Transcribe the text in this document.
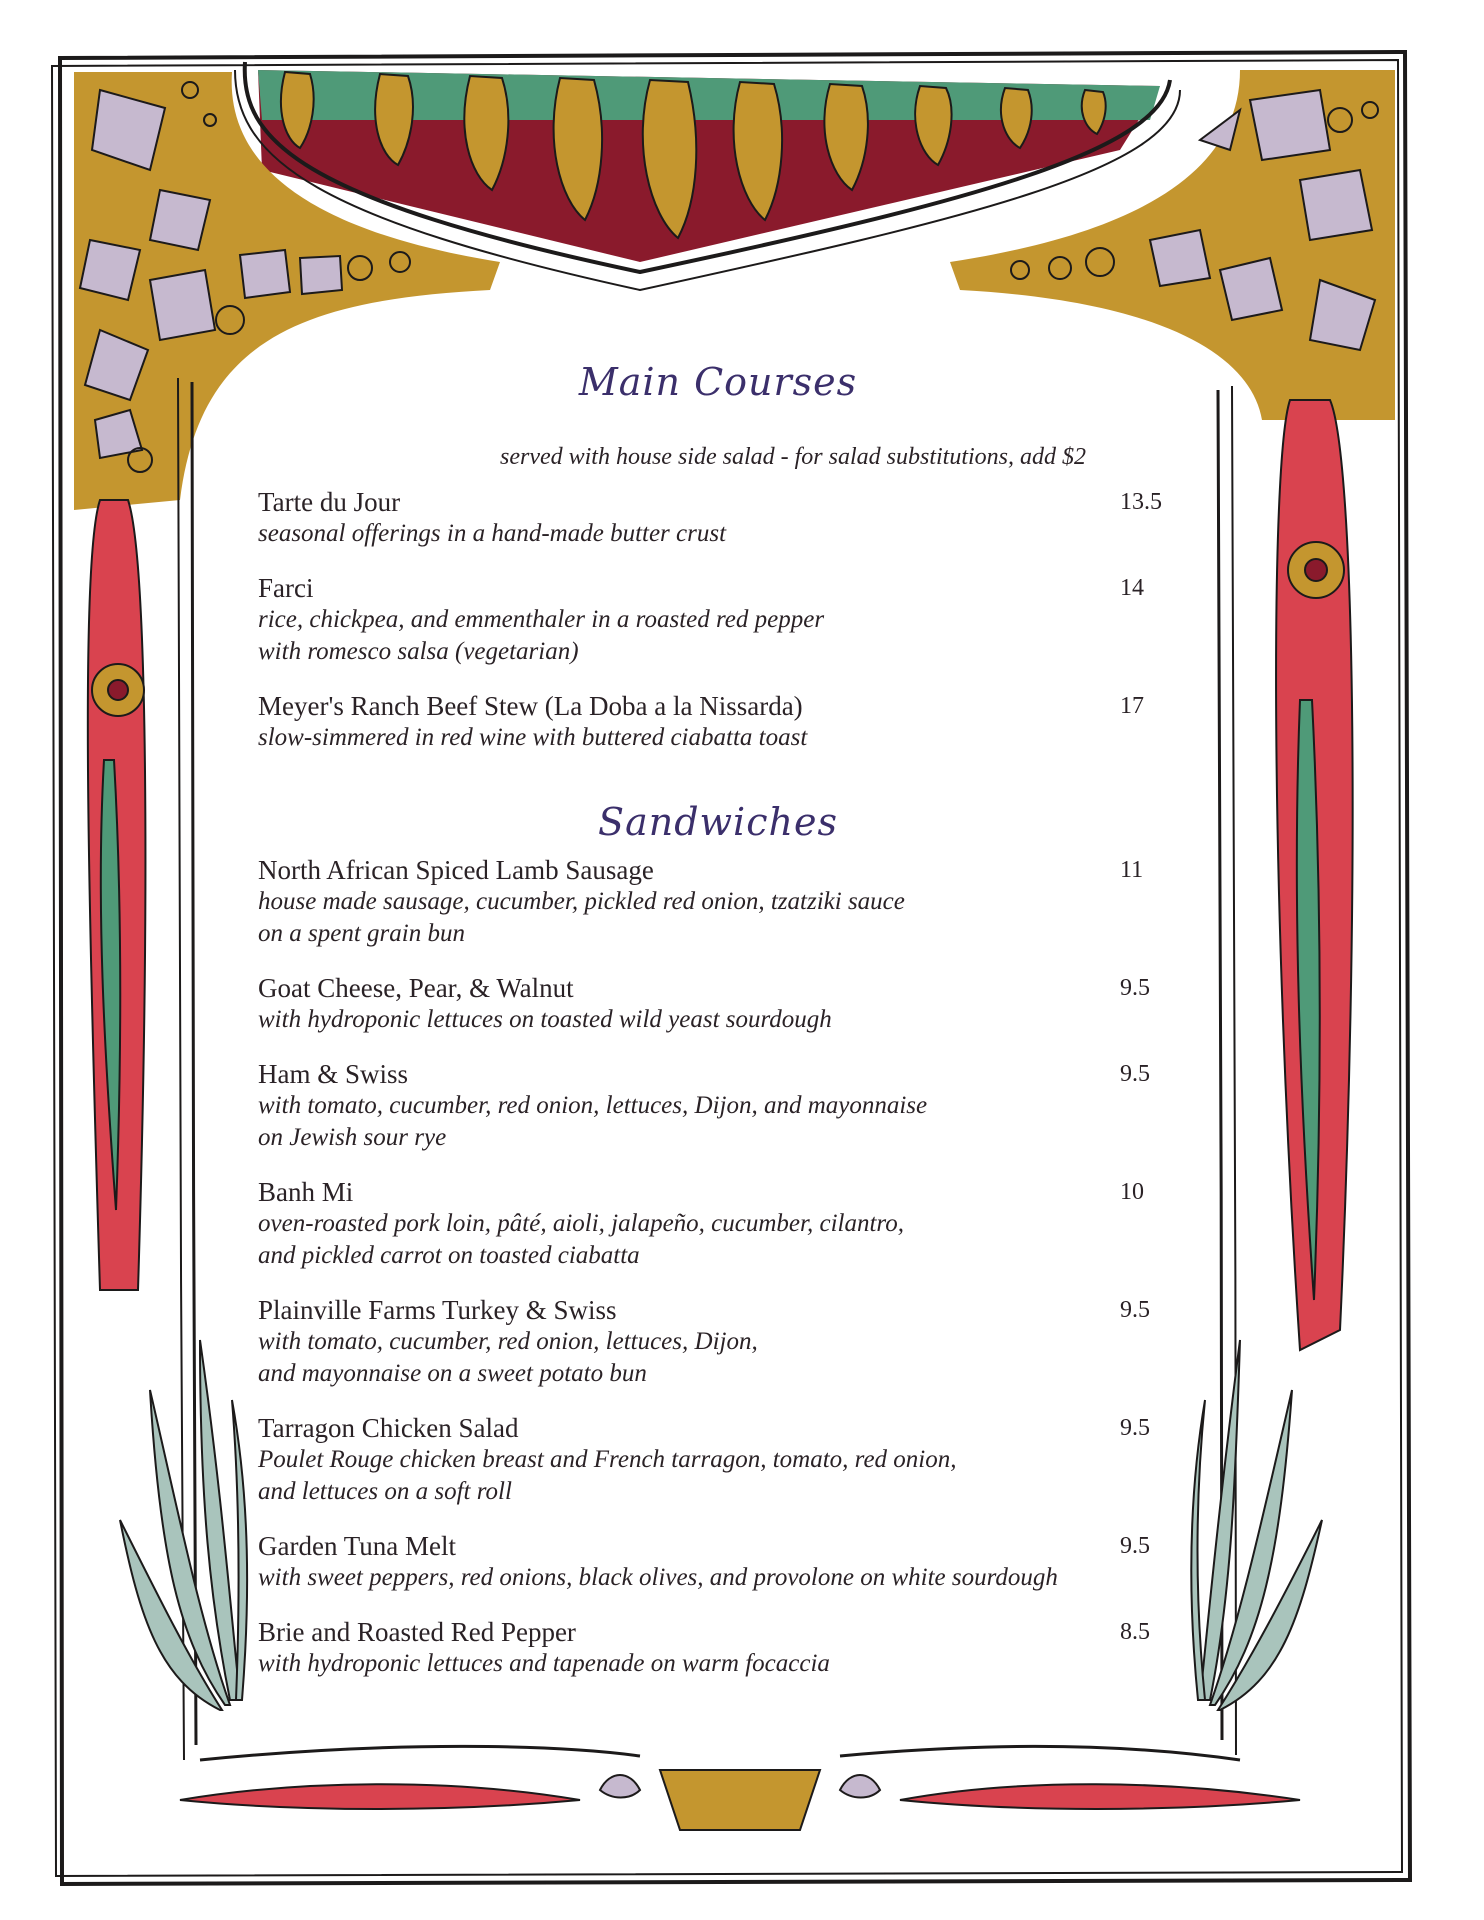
Main Courses
served with house side salad - for salad substitutions, add $2
Tarte du Jour
seasonal offerings in a hand-made butter crust
13.5
Farci
rice, chickpea, and emmenthaler in a roasted red pepper
with romesco salsa (vegetarian)
14
Meyer's Ranch Beef Stew (La Doba a la Nissarda)
slow-simmered in red wine with buttered ciabatta toast
17
Sandwiches
North African Spiced Lamb Sausage
house made sausage, cucumber, pickled red onion, tzatziki sauce
on a spent grain bun
11
Goat Cheese, Pear, & Walnut
with hydroponic lettuces on toasted wild yeast sourdough
9.5
Ham & Swiss
with tomato, cucumber, red onion, lettuces, Dijon, and mayonnaise
on Jewish sour rye
9.5
Banh Mi
oven-roasted pork loin, pâté, aioli, jalapeño, cucumber, cilantro,
and pickled carrot on toasted ciabatta
10
Plainville Farms Turkey & Swiss
with tomato, cucumber, red onion, lettuces, Dijon,
and mayonnaise on a sweet potato bun
9.5
Tarragon Chicken Salad
Poulet Rouge chicken breast and French tarragon, tomato, red onion,
and lettuces on a soft roll
9.5
Garden Tuna Melt
with sweet peppers, red onions, black olives, and provolone on white sourdough
9.5
Brie and Roasted Red Pepper
with hydroponic lettuces and tapenade on warm focaccia
8.5
